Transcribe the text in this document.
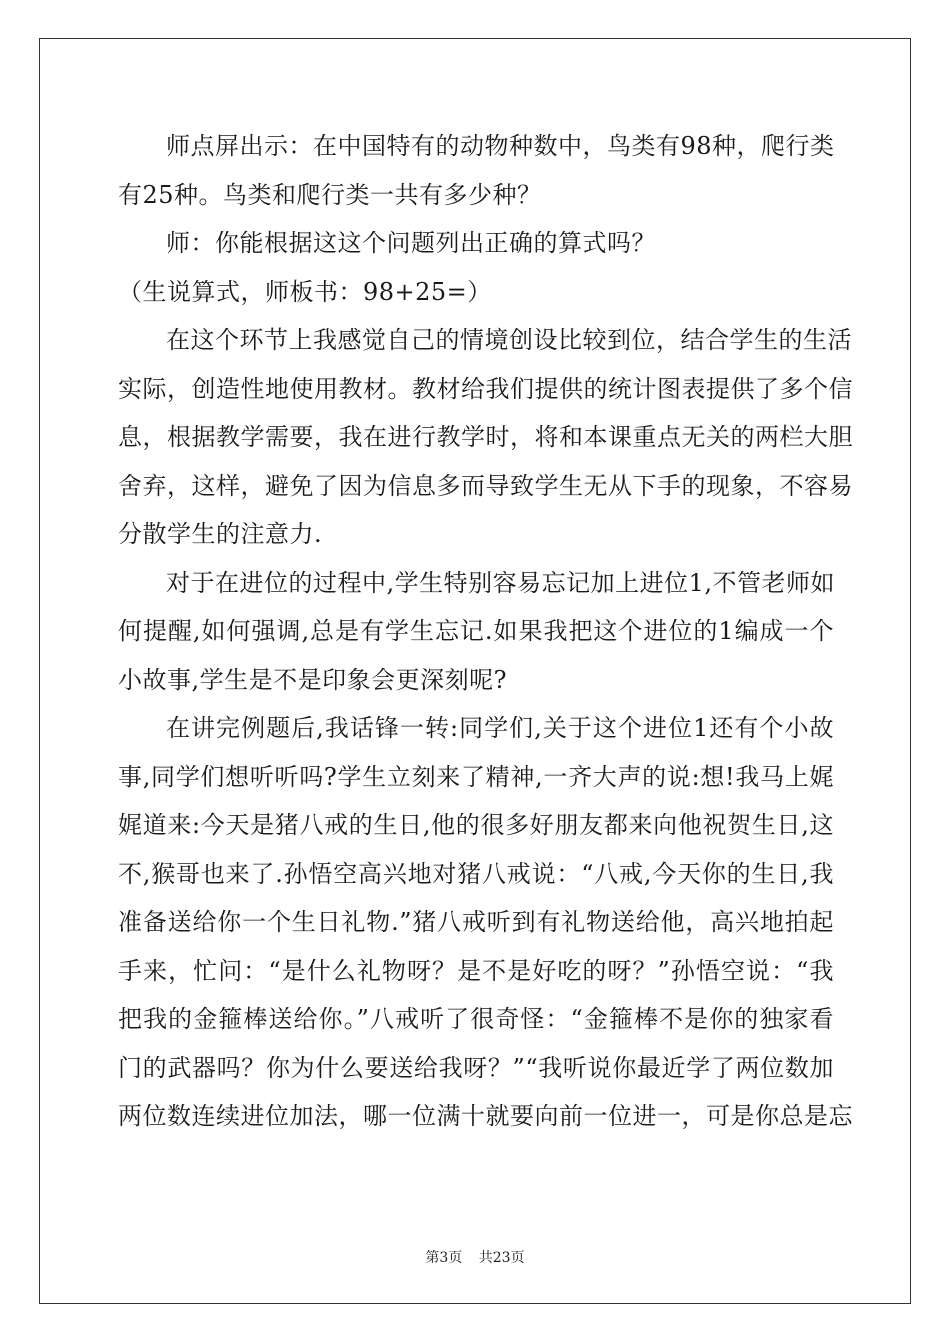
师点屏出示：在中国特有的动物种数中，鸟类有98种，爬行类
有25种。鸟类和爬行类一共有多少种？

师：你能根据这这个问题列出正确的算式吗？

（生说算式，师板书：98+25=）

在这个环节上我感觉自己的情境创设比较到位，结合学生的生活
实际，创造性地使用教材。教材给我们提供的统计图表提供了多个信
息，根据教学需要，我在进行教学时，将和本课重点无关的两栏大胆
舍弃，这样，避免了因为信息多而导致学生无从下手的现象，不容易
分散学生的注意力.

对于在进位的过程中,学生特别容易忘记加上进位1,不管老师如
何提醒,如何强调,总是有学生忘记.如果我把这个进位的1编成一个
小故事,学生是不是印象会更深刻呢?

在讲完例题后,我话锋一转:同学们,关于这个进位1还有个小故
事,同学们想听听吗?学生立刻来了精神,一齐大声的说:想!我马上娓
娓道来:今天是猪八戒的生日,他的很多好朋友都来向他祝贺生日,这
不,猴哥也来了.孙悟空高兴地对猪八戒说：“八戒,今天你的生日,我
准备送给你一个生日礼物.”猪八戒听到有礼物送给他，高兴地拍起
手来，忙问：“是什么礼物呀？是不是好吃的呀？”孙悟空说：“我
把我的金箍棒送给你。”八戒听了很奇怪：“金箍棒不是你的独家看
门的武器吗？你为什么要送给我呀？”“我听说你最近学了两位数加
两位数连续进位加法，哪一位满十就要向前一位进一，可是你总是忘

第3页 共23页
